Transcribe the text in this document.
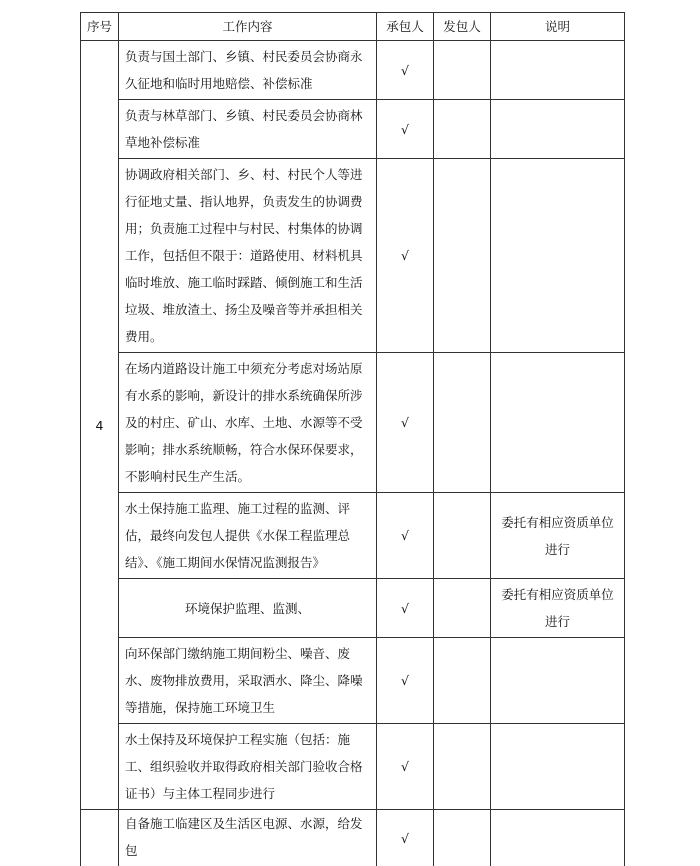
序号	工作内容	承包人	发包人	说明
4	负责与国土部门、乡镇、村民委员会协商永久征地和临时用地赔偿、补偿标准	√		
	负责与林草部门、乡镇、村民委员会协商林草地补偿标准	√		
	协调政府相关部门、乡、村、村民个人等进行征地丈量、指认地界，负责发生的协调费用；负责施工过程中与村民、村集体的协调工作，包括但不限于：道路使用、材料机具临时堆放、施工临时踩踏、倾倒施工和生活垃圾、堆放渣土、扬尘及噪音等并承担相关费用。	√		
	在场内道路设计施工中须充分考虑对场站原有水系的影响，新设计的排水系统确保所涉及的村庄、矿山、水库、土地、水源等不受影响；排水系统顺畅，符合水保环保要求，不影响村民生产生活。	√		
	水土保持施工监理、施工过程的监测、评估，最终向发包人提供《水保工程监理总结》、《施工期间水保情况监测报告》	√		委托有相应资质单位进行
	环境保护监理、监测、	√		委托有相应资质单位进行
	向环保部门缴纳施工期间粉尘、噪音、废水、废物排放费用，采取洒水、降尘、降噪等措施，保持施工环境卫生	√		
	水土保持及环境保护工程实施（包括：施工、组织验收并取得政府相关部门验收合格证书）与主体工程同步进行	√		
	自备施工临建区及生活区电源、水源，给发包	√		
